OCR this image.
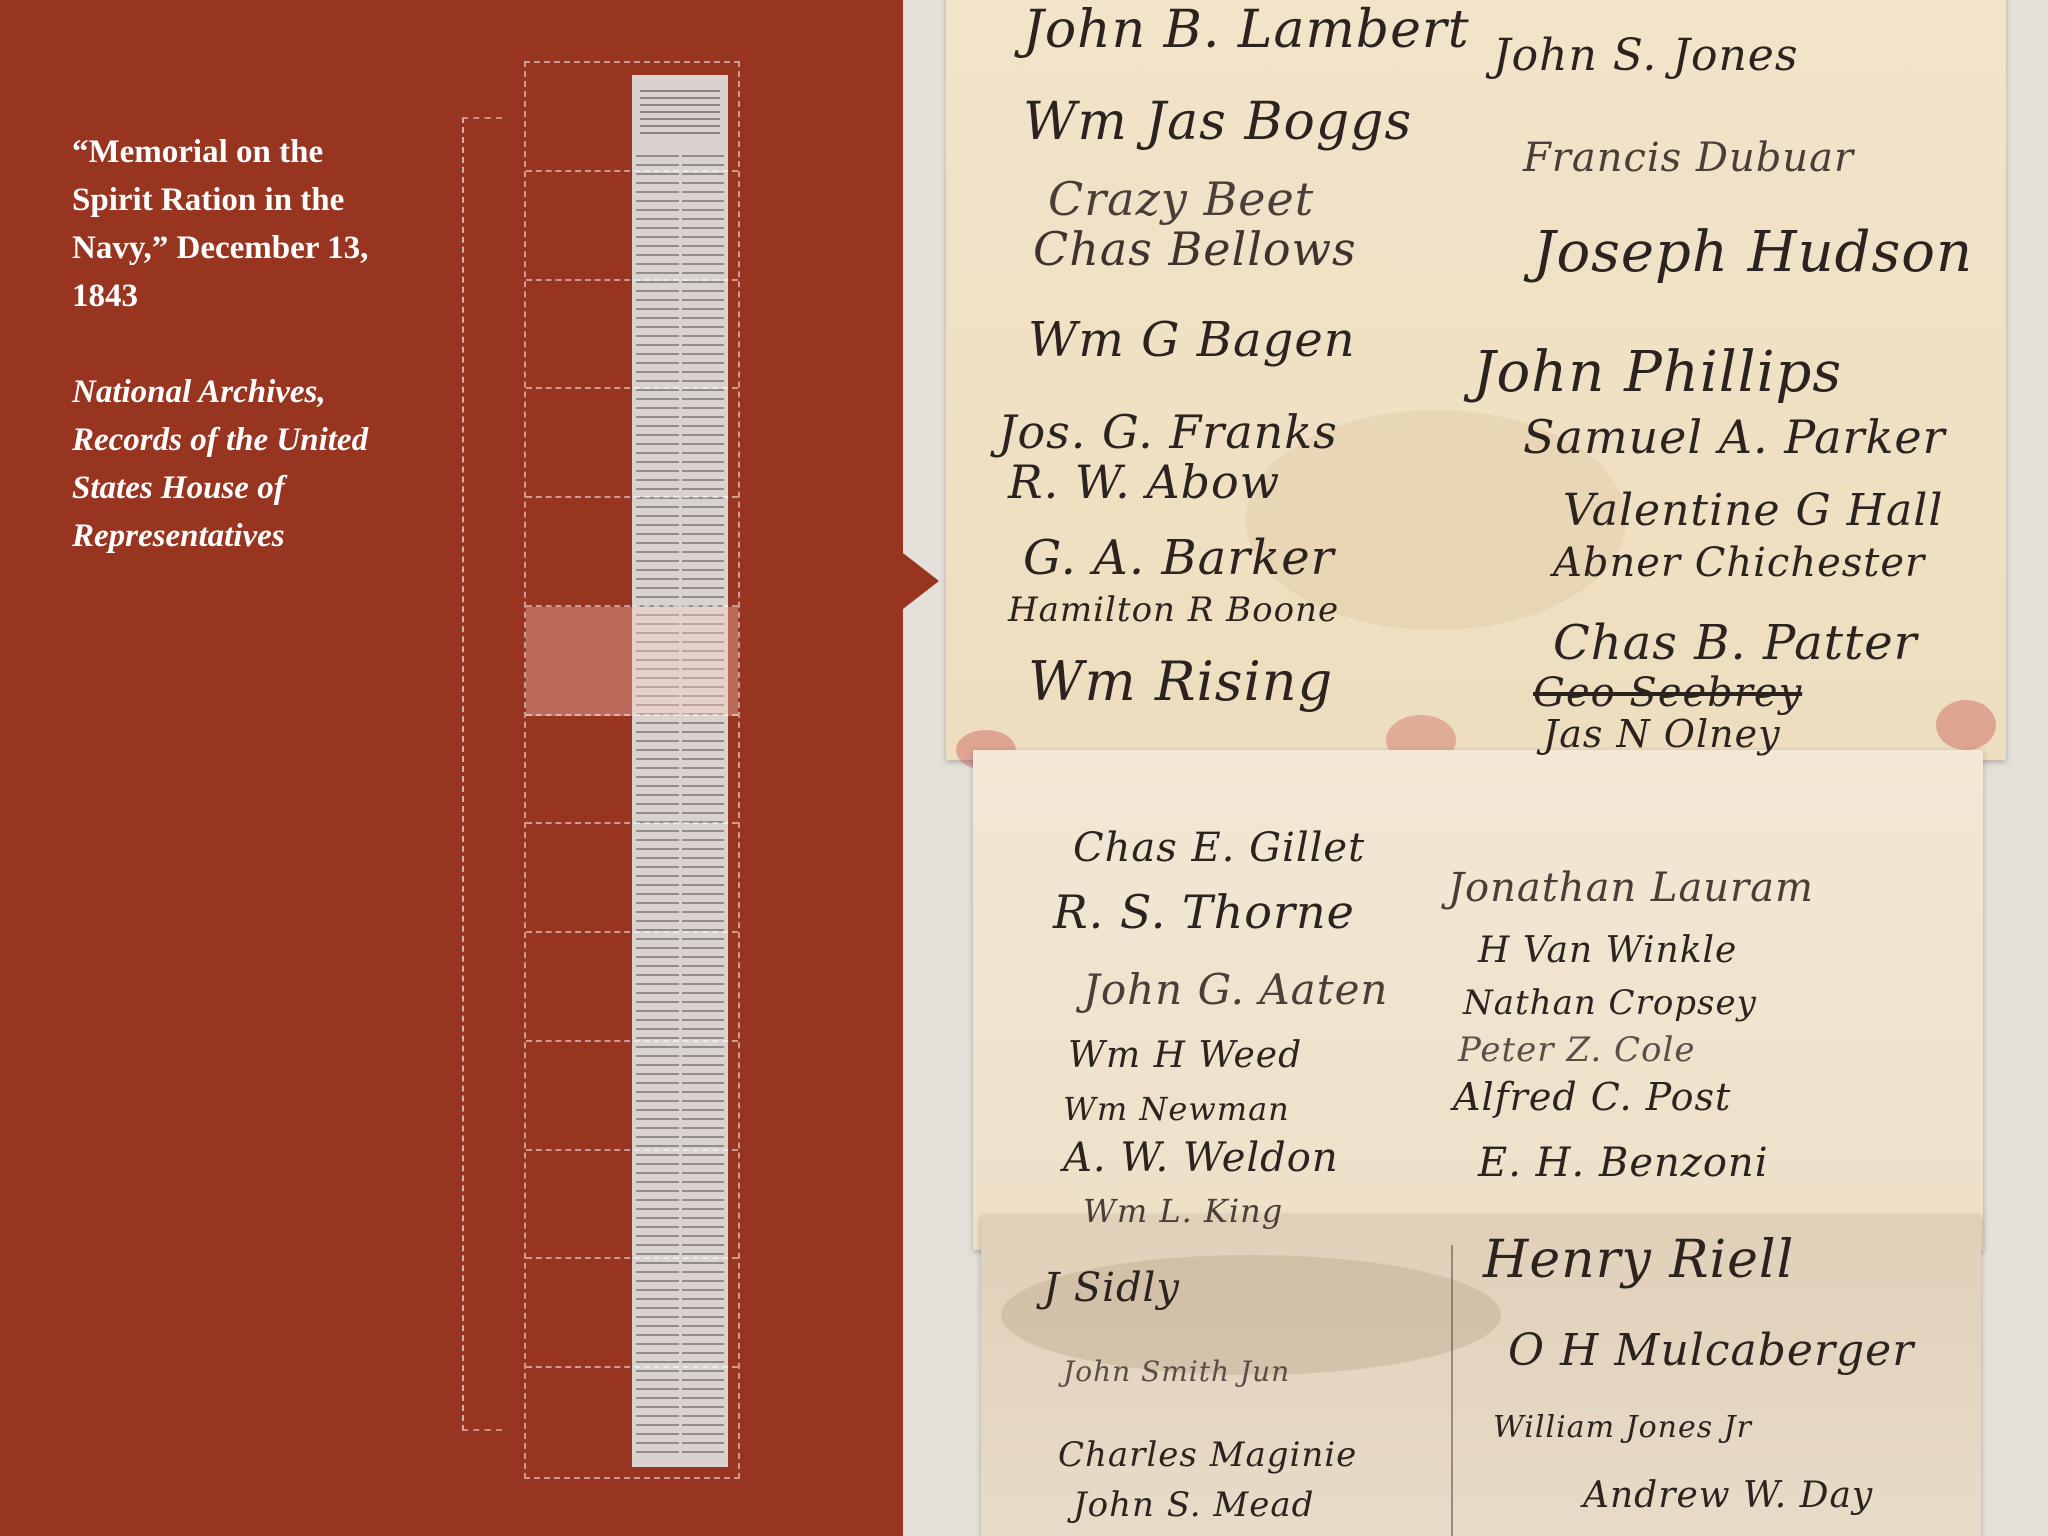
“Memorial on the Spirit Ration in the Navy,” December 13, 1843
National Archives, Records of the United States House of Representatives
John B. Lambert
Wm Jas Boggs
Crazy Beet
Chas Bellows
Wm G Bagen
Jos. G. Franks
R. W. Abow
G. A. Barker
Hamilton R Boone
Wm Rising
John S. Jones
Francis Dubuar
Joseph Hudson
John Phillips
Samuel A. Parker
Valentine G Hall
Abner Chichester
Chas B. Patter
Geo Seebrey
Jas N Olney
Chas E. Gillet
R. S. Thorne
John G. Aaten
Wm H Weed
Wm Newman
A. W. Weldon
Wm L. King
Jonathan Lauram
H Van Winkle
Nathan Cropsey
Peter Z. Cole
Alfred C. Post
E. H. Benzoni
J Sidly
John Smith Jun
Charles Maginie
John S. Mead
Henry Riell
O H Mulcaberger
William Jones Jr
Andrew W. Day
